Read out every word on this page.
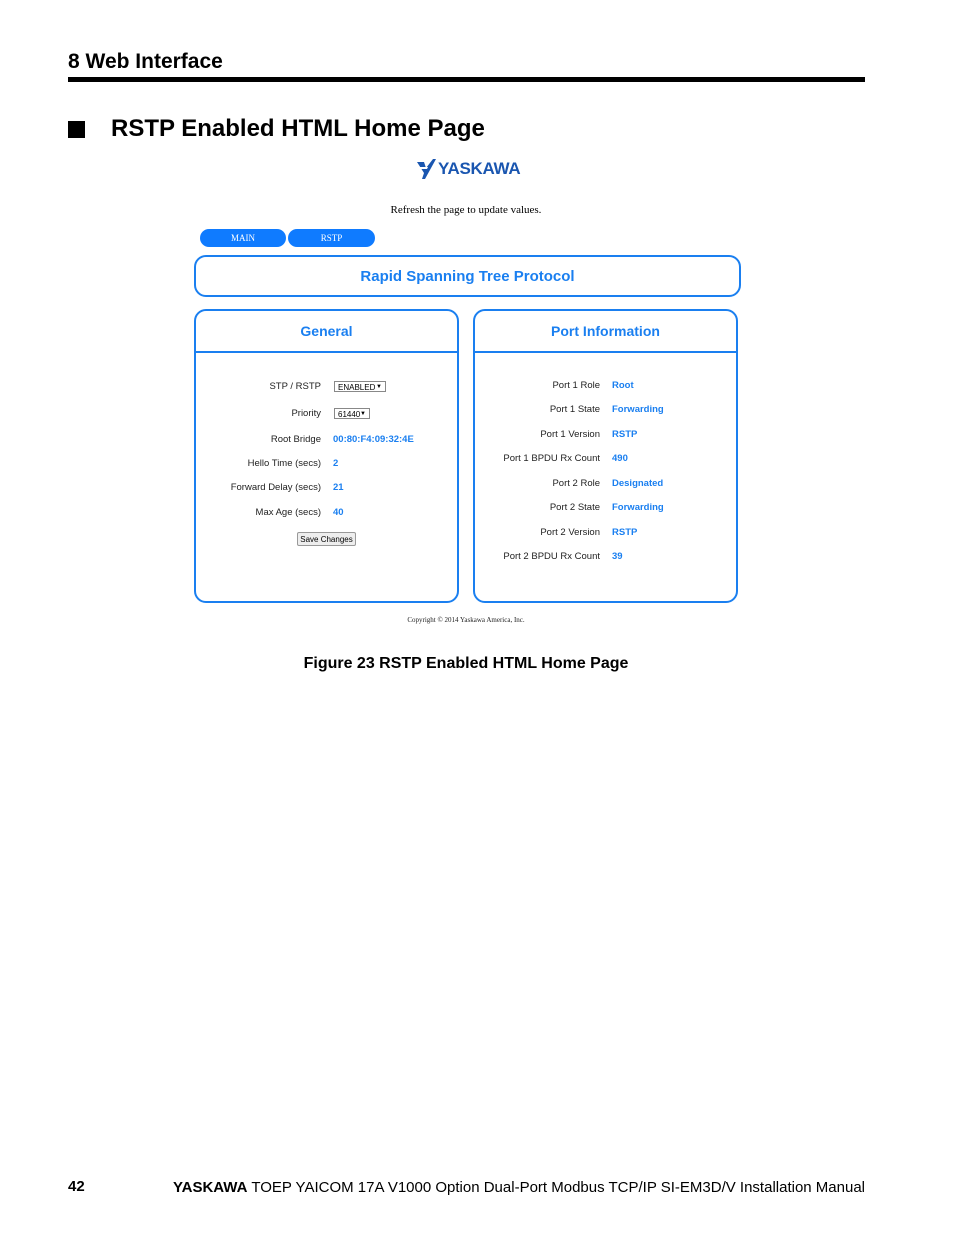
8 Web Interface
RSTP Enabled HTML Home Page
YASKAWA
Refresh the page to update values.
MAIN	RSTP
Rapid Spanning Tree Protocol
General
STP / RSTP	ENABLED ▼
Priority	61440 ▼
Root Bridge 00:80:F4:09:32:4E
Hello Time (secs) 2
Forward Delay (secs) 21
Max Age (secs) 40
Save Changes
Port Information
Port 1 Role Root
Port 1 State Forwarding
Port 1 Version RSTP
Port 1 BPDU Rx Count 490
Port 2 Role Designated
Port 2 State Forwarding
Port 2 Version RSTP
Port 2 BPDU Rx Count 39
Copyright © 2014 Yaskawa America, Inc.
Figure 23 RSTP Enabled HTML Home Page
42	YASKAWA TOEP YAICOM 17A V1000 Option Dual-Port Modbus TCP/IP SI-EM3D/V Installation Manual
